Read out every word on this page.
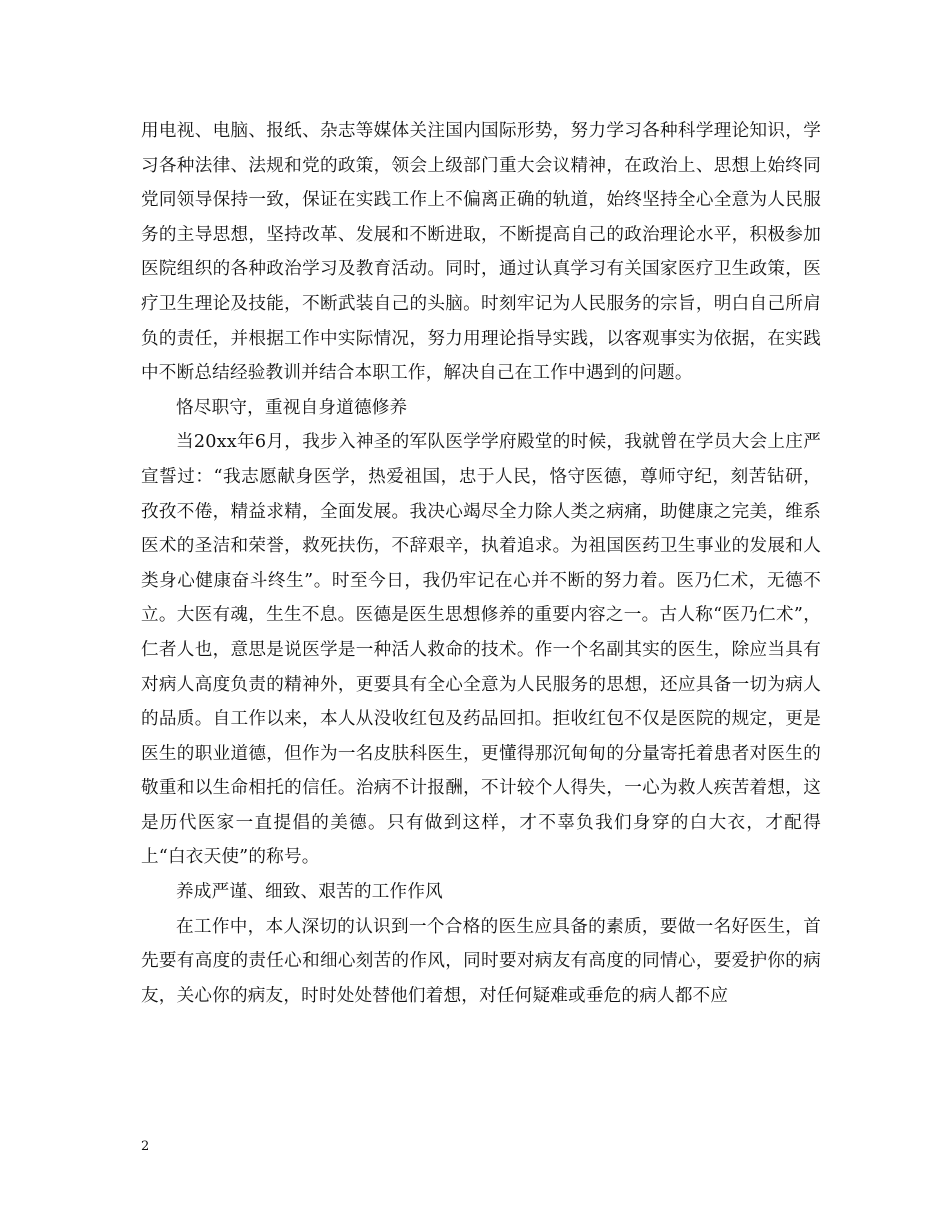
用电视、电脑、报纸、杂志等媒体关注国内国际形势，努力学习各种科学理论知识，学习各种法律、法规和党的政策，领会上级部门重大会议精神，在政治上、思想上始终同党同领导保持一致，保证在实践工作上不偏离正确的轨道，始终坚持全心全意为人民服务的主导思想，坚持改革、发展和不断进取，不断提高自己的政治理论水平，积极参加医院组织的各种政治学习及教育活动。同时，通过认真学习有关国家医疗卫生政策，医疗卫生理论及技能，不断武装自己的头脑。时刻牢记为人民服务的宗旨，明白自己所肩负的责任，并根据工作中实际情况，努力用理论指导实践，以客观事实为依据，在实践中不断总结经验教训并结合本职工作，解决自己在工作中遇到的问题。

恪尽职守，重视自身道德修养

当20xx年6月，我步入神圣的军队医学学府殿堂的时候，我就曾在学员大会上庄严宣誓过：“我志愿献身医学，热爱祖国，忠于人民，恪守医德，尊师守纪，刻苦钻研，孜孜不倦，精益求精，全面发展。我决心竭尽全力除人类之病痛，助健康之完美，维系医术的圣洁和荣誉，救死扶伤，不辞艰辛，执着追求。为祖国医药卫生事业的发展和人类身心健康奋斗终生”。时至今日，我仍牢记在心并不断的努力着。医乃仁术，无德不立。大医有魂，生生不息。医德是医生思想修养的重要内容之一。古人称“医乃仁术”，仁者人也，意思是说医学是一种活人救命的技术。作一个名副其实的医生，除应当具有对病人高度负责的精神外，更要具有全心全意为人民服务的思想，还应具备一切为病人的品质。自工作以来，本人从没收红包及药品回扣。拒收红包不仅是医院的规定，更是医生的职业道德，但作为一名皮肤科医生，更懂得那沉甸甸的分量寄托着患者对医生的敬重和以生命相托的信任。治病不计报酬，不计较个人得失，一心为救人疾苦着想，这是历代医家一直提倡的美德。只有做到这样，才不辜负我们身穿的白大衣，才配得上“白衣天使”的称号。

养成严谨、细致、艰苦的工作作风

在工作中，本人深切的认识到一个合格的医生应具备的素质，要做一名好医生，首先要有高度的责任心和细心刻苦的作风，同时要对病友有高度的同情心，要爱护你的病友，关心你的病友，时时处处替他们着想，对任何疑难或垂危的病人都不应

2
